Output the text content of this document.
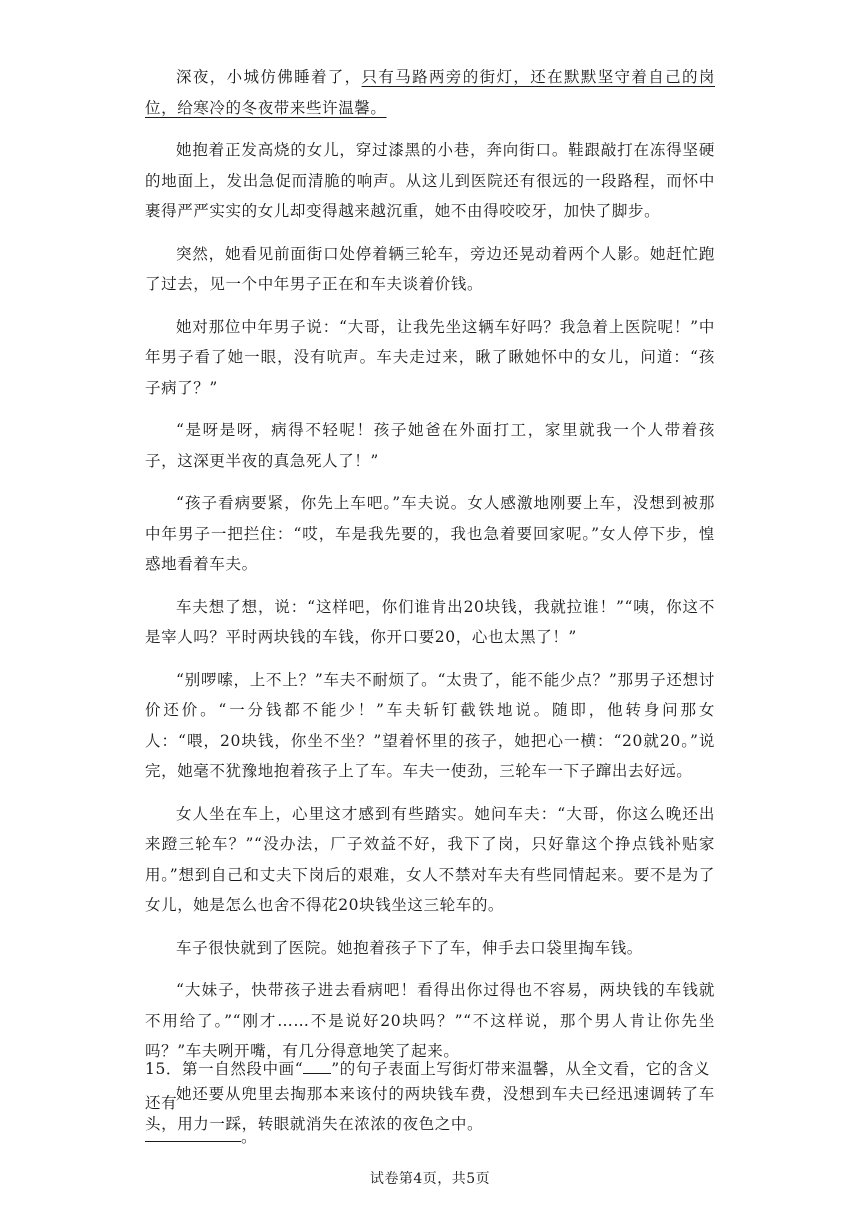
深夜，小城仿佛睡着了，只有马路两旁的街灯，还在默默坚守着自己的岗位，给寒冷的冬夜带来些许温馨。

她抱着正发高烧的女儿，穿过漆黑的小巷，奔向街口。鞋跟敲打在冻得坚硬的地面上，发出急促而清脆的响声。从这儿到医院还有很远的一段路程，而怀中裹得严严实实的女儿却变得越来越沉重，她不由得咬咬牙，加快了脚步。

突然，她看见前面街口处停着辆三轮车，旁边还晃动着两个人影。她赶忙跑了过去，见一个中年男子正在和车夫谈着价钱。

她对那位中年男子说：“大哥，让我先坐这辆车好吗？我急着上医院呢！”中年男子看了她一眼，没有吭声。车夫走过来，瞅了瞅她怀中的女儿，问道：“孩子病了？”

“是呀是呀，病得不轻呢！孩子她爸在外面打工，家里就我一个人带着孩子，这深更半夜的真急死人了！”

“孩子看病要紧，你先上车吧。”车夫说。女人感激地刚要上车，没想到被那中年男子一把拦住：“哎，车是我先要的，我也急着要回家呢。”女人停下步，惶惑地看着车夫。

车夫想了想，说：“这样吧，你们谁肯出20块钱，我就拉谁！”“咦，你这不是宰人吗？平时两块钱的车钱，你开口要20，心也太黑了！”

“别啰嗦，上不上？”车夫不耐烦了。“太贵了，能不能少点？”那男子还想讨价还价。“一分钱都不能少！”车夫斩钉截铁地说。随即，他转身问那女人：“喂，20块钱，你坐不坐？”望着怀里的孩子，她把心一横：“20就20。”说完，她毫不犹豫地抱着孩子上了车。车夫一使劲，三轮车一下子蹿出去好远。

女人坐在车上，心里这才感到有些踏实。她问车夫：“大哥，你这么晚还出来蹬三轮车？”“没办法，厂子效益不好，我下了岗，只好靠这个挣点钱补贴家用。”想到自己和丈夫下岗后的艰难，女人不禁对车夫有些同情起来。要不是为了女儿，她是怎么也舍不得花20块钱坐这三轮车的。

车子很快就到了医院。她抱着孩子下了车，伸手去口袋里掏车钱。

“大妹子，快带孩子进去看病吧！看得出你过得也不容易，两块钱的车钱就不用给了。”“刚才……不是说好20块吗？”“不这样说，那个男人肯让你先坐吗？”车夫咧开嘴，有几分得意地笑了起来。

她还要从兜里去掏那本来该付的两块钱车费，没想到车夫已经迅速调转了车头，用力一踩，转眼就消失在浓浓的夜色之中。

15．第一自然段中画“ ”的句子表面上写街灯带来温馨，从全文看，它的含义还有
。
试卷第4页，共5页
